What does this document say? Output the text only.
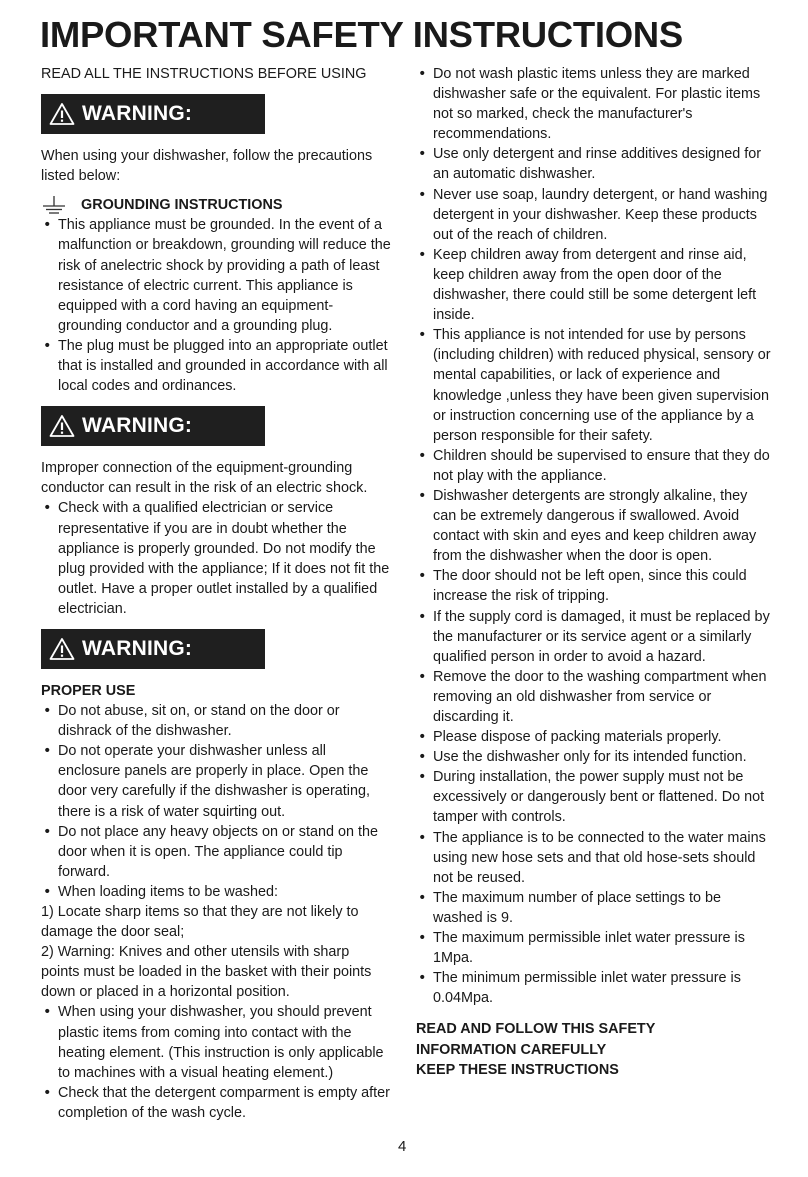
IMPORTANT SAFETY INSTRUCTIONS
READ ALL THE INSTRUCTIONS BEFORE USING
WARNING:
When using your dishwasher, follow the precautions listed below:
GROUNDING INSTRUCTIONS
• This appliance must be grounded. In the event of a malfunction or breakdown, grounding will reduce the risk of anelectric shock by providing a path of least resistance of electric current. This appliance is equipped with a cord having an equipment-grounding conductor and a grounding plug.
• The plug must be plugged into an appropriate outlet that is installed and grounded in accordance with all local codes and ordinances.
WARNING:
Improper connection of the equipment-grounding conductor can result in the risk of an electric shock.
• Check with a qualified electrician or service representative if you are in doubt whether the appliance is properly grounded. Do not modify the plug provided with the appliance; If it does not fit the outlet. Have a proper outlet installed by a qualified electrician.
WARNING:
PROPER USE
• Do not abuse, sit on, or stand on the door or dishrack of the dishwasher.
• Do not operate your dishwasher unless all enclosure panels are properly in place. Open the door very carefully if the dishwasher is operating, there is a risk of water squirting out.
• Do not place any heavy objects on or stand on the door when it is open. The appliance could tip forward.
• When loading items to be washed:
1) Locate sharp items so that they are not likely to damage the door seal;
2) Warning: Knives and other utensils with sharp points must be loaded in the basket with their points down or placed in a horizontal position.
• When using your dishwasher, you should prevent plastic items from coming into contact with the heating element. (This instruction is only applicable to machines with a visual heating element.)
• Check that the detergent comparment is empty after completion of the wash cycle.
• Do not wash plastic items unless they are marked dishwasher safe or the equivalent. For plastic items not so marked, check the manufacturer's recommendations.
• Use only detergent and rinse additives designed for an automatic dishwasher.
• Never use soap, laundry detergent, or hand washing detergent in your dishwasher. Keep these products out of the reach of children.
• Keep children away from detergent and rinse aid, keep children away from the open door of the dishwasher, there could still be some detergent left inside.
• This appliance is not intended for use by persons (including children) with reduced physical, sensory or mental capabilities, or lack of experience and knowledge ,unless they have been given supervision or instruction concerning use of the appliance by a person responsible for their safety.
• Children should be supervised to ensure that they do not play with the appliance.
• Dishwasher detergents are strongly alkaline, they can be extremely dangerous if swallowed. Avoid contact with skin and eyes and keep children away from the dishwasher when the door is open.
• The door should not be left open, since this could increase the risk of tripping.
• If the supply cord is damaged, it must be replaced by the manufacturer or its service agent or a similarly qualified person in order to avoid a hazard.
• Remove the door to the washing compartment when removing an old dishwasher from service or discarding it.
• Please dispose of packing materials properly.
• Use the dishwasher only for its intended function.
• During installation, the power supply must not be excessively or dangerously bent or flattened. Do not tamper with controls.
• The appliance is to be connected to the water mains using new hose sets and that old hose-sets should not be reused.
• The maximum number of place settings to be washed is 9.
• The maximum permissible inlet water pressure is 1Mpa.
• The minimum permissible inlet water pressure is 0.04Mpa.
READ AND FOLLOW THIS SAFETY
INFORMATION CAREFULLY
KEEP THESE INSTRUCTIONS
4
